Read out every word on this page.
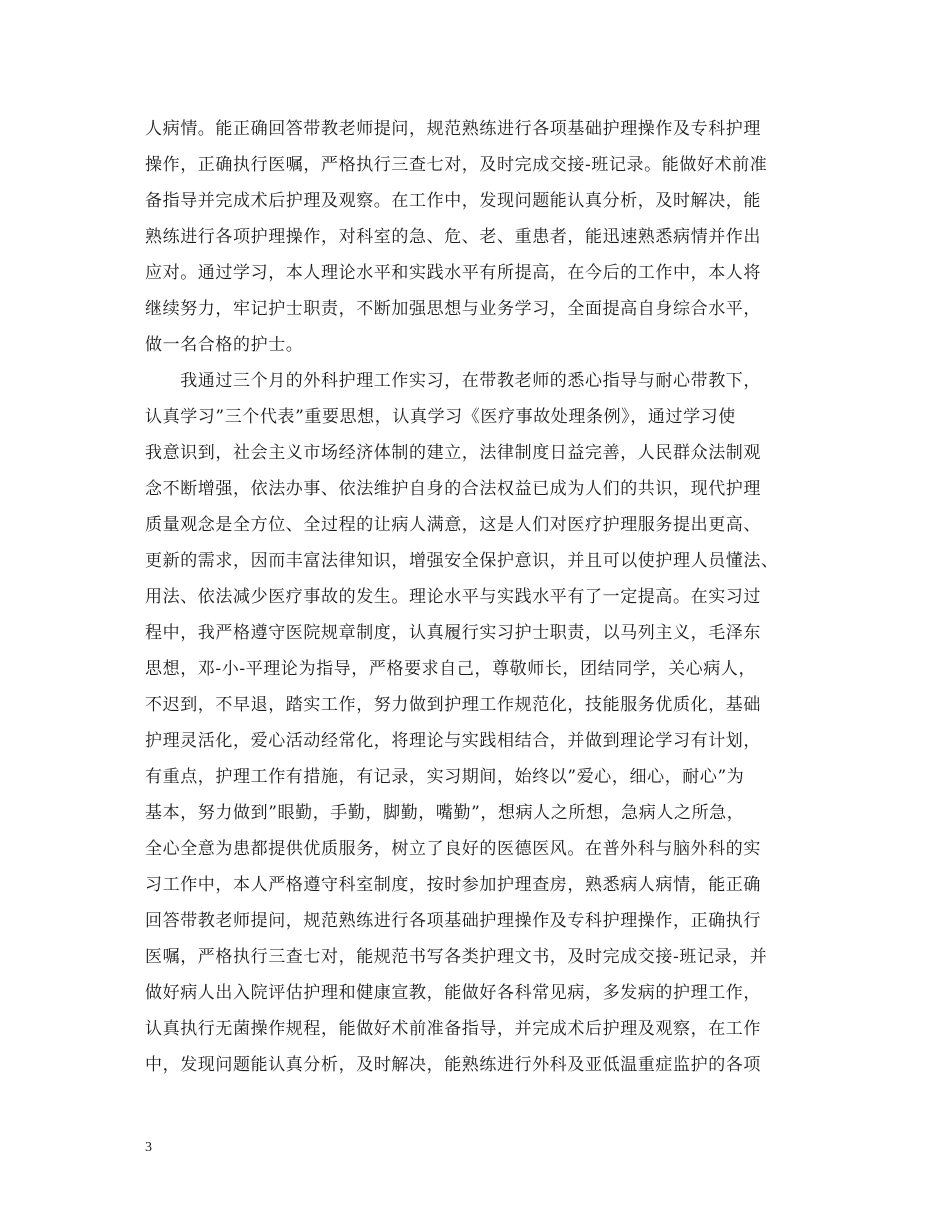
人病情。能正确回答带教老师提问，规范熟练进行各项基础护理操作及专科护理
操作，正确执行医嘱，严格执行三查七对，及时完成交接-班记录。能做好术前准
备指导并完成术后护理及观察。在工作中，发现问题能认真分析，及时解决，能
熟练进行各项护理操作，对科室的急、危、老、重患者，能迅速熟悉病情并作出
应对。通过学习，本人理论水平和实践水平有所提高，在今后的工作中，本人将
继续努力，牢记护士职责，不断加强思想与业务学习，全面提高自身综合水平，
做一名合格的护士。
　　我通过三个月的外科护理工作实习，在带教老师的悉心指导与耐心带教下，
认真学习”三个代表”重要思想，认真学习《医疗事故处理条例》，通过学习使
我意识到，社会主义市场经济体制的建立，法律制度日益完善，人民群众法制观
念不断增强，依法办事、依法维护自身的合法权益已成为人们的共识，现代护理
质量观念是全方位、全过程的让病人满意，这是人们对医疗护理服务提出更高、
更新的需求，因而丰富法律知识，增强安全保护意识，并且可以使护理人员懂法、
用法、依法减少医疗事故的发生。理论水平与实践水平有了一定提高。在实习过
程中，我严格遵守医院规章制度，认真履行实习护士职责，以马列主义，毛泽东
思想，邓-小-平理论为指导，严格要求自己，尊敬师长，团结同学，关心病人，
不迟到，不早退，踏实工作，努力做到护理工作规范化，技能服务优质化，基础
护理灵活化，爱心活动经常化，将理论与实践相结合，并做到理论学习有计划，
有重点，护理工作有措施，有记录，实习期间，始终以”爱心，细心，耐心”为
基本，努力做到”眼勤，手勤，脚勤，嘴勤”，想病人之所想，急病人之所急，
全心全意为患都提供优质服务，树立了良好的医德医风。在普外科与脑外科的实
习工作中，本人严格遵守科室制度，按时参加护理查房，熟悉病人病情，能正确
回答带教老师提问，规范熟练进行各项基础护理操作及专科护理操作，正确执行
医嘱，严格执行三查七对，能规范书写各类护理文书，及时完成交接-班记录，并
做好病人出入院评估护理和健康宣教，能做好各科常见病，多发病的护理工作，
认真执行无菌操作规程，能做好术前准备指导，并完成术后护理及观察，在工作
中，发现问题能认真分析，及时解决，能熟练进行外科及亚低温重症监护的各项
3
